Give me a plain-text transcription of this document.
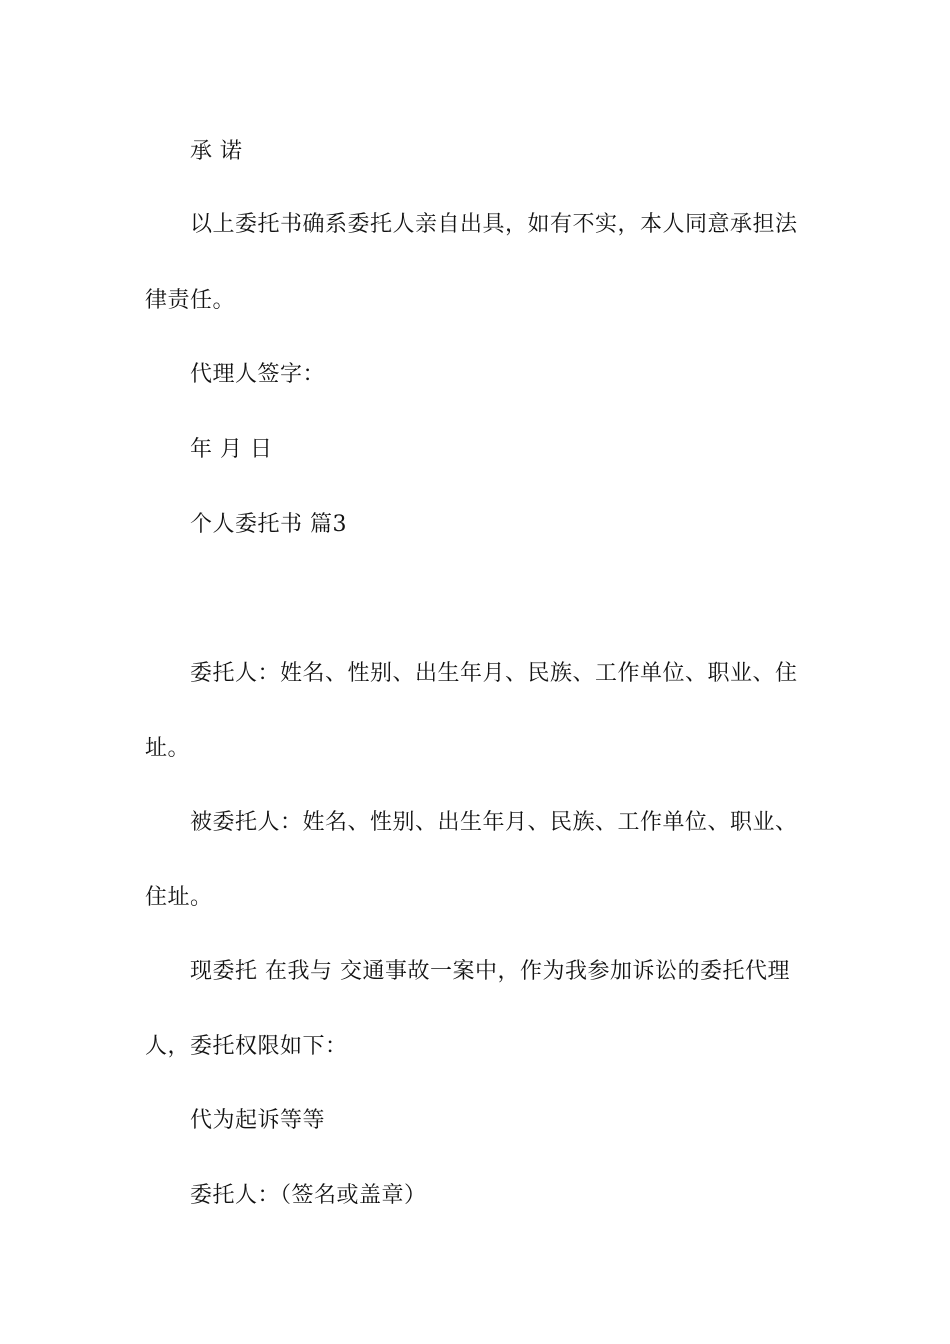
承 诺
以上委托书确系委托人亲自出具，如有不实，本人同意承担法
律责任。
代理人签字：
年 月 日
个人委托书 篇3
委托人：姓名、性别、出生年月、民族、工作单位、职业、住
址。
被委托人：姓名、性别、出生年月、民族、工作单位、职业、
住址。
现委托 在我与 交通事故一案中，作为我参加诉讼的委托代理
人，委托权限如下：
代为起诉等等
委托人：（签名或盖章）
